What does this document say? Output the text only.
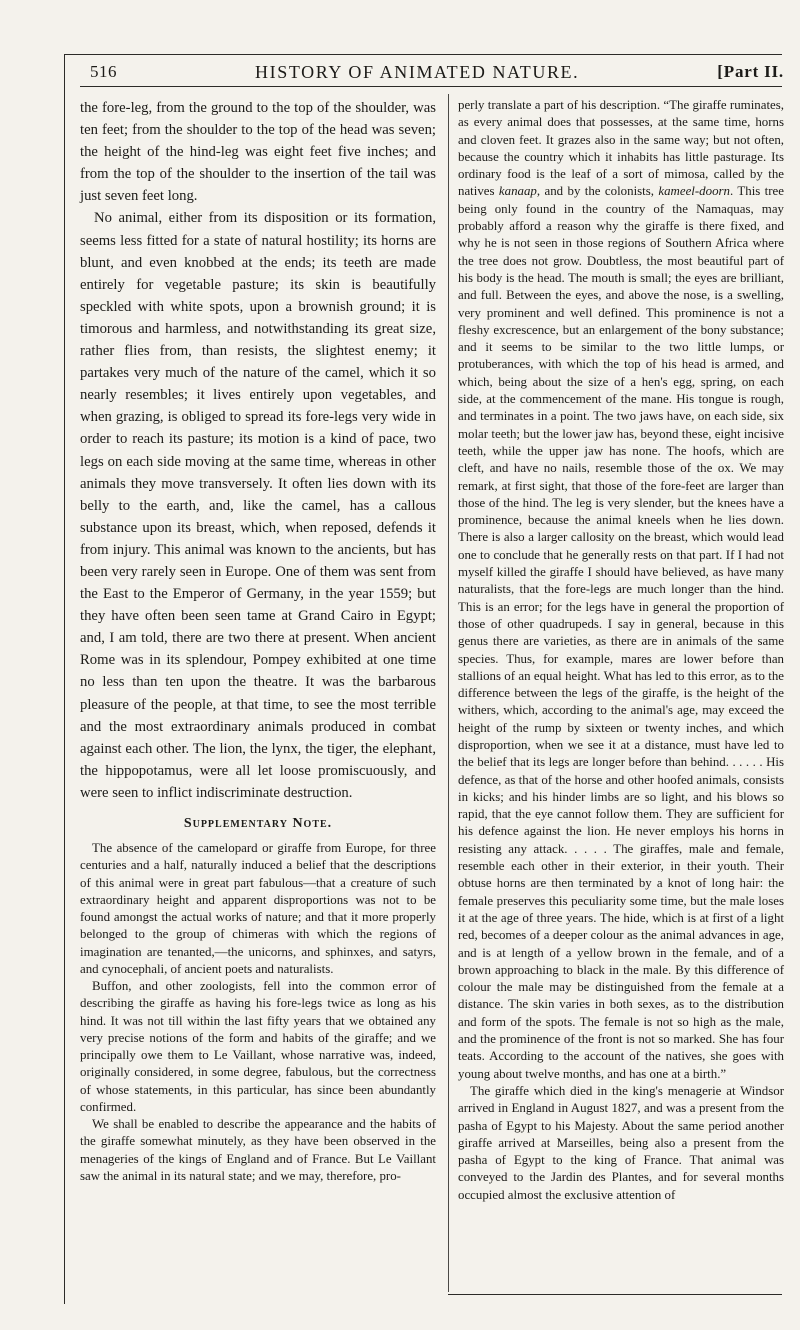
516	HISTORY OF ANIMATED NATURE.	[Part II.

the fore-leg, from the ground to the top of the shoulder, was ten feet; from the shoulder to the top of the head was seven; the height of the hind-leg was eight feet five inches; and from the top of the shoulder to the insertion of the tail was just seven feet long.

No animal, either from its disposition or its formation, seems less fitted for a state of natural hostility; its horns are blunt, and even knobbed at the ends; its teeth are made entirely for vegetable pasture; its skin is beautifully speckled with white spots, upon a brownish ground; it is timorous and harmless, and notwithstanding its great size, rather flies from, than resists, the slightest enemy; it partakes very much of the nature of the camel, which it so nearly resembles; it lives entirely upon vegetables, and when grazing, is obliged to spread its fore-legs very wide in order to reach its pasture; its motion is a kind of pace, two legs on each side moving at the same time, whereas in other animals they move transversely. It often lies down with its belly to the earth, and, like the camel, has a callous substance upon its breast, which, when reposed, defends it from injury. This animal was known to the ancients, but has been very rarely seen in Europe. One of them was sent from the East to the Emperor of Germany, in the year 1559; but they have often been seen tame at Grand Cairo in Egypt; and, I am told, there are two there at present. When ancient Rome was in its splendour, Pompey exhibited at one time no less than ten upon the theatre. It was the barbarous pleasure of the people, at that time, to see the most terrible and the most extraordinary animals produced in combat against each other. The lion, the lynx, the tiger, the elephant, the hippopotamus, were all let loose promiscuously, and were seen to inflict indiscriminate destruction.

Supplementary Note.

The absence of the camelopard or giraffe from Europe, for three centuries and a half, naturally induced a belief that the descriptions of this animal were in great part fabulous—that a creature of such extraordinary height and apparent disproportions was not to be found amongst the actual works of nature; and that it more properly belonged to the group of chimeras with which the regions of imagination are tenanted,—the unicorns, and sphinxes, and satyrs, and cynocephali, of ancient poets and naturalists.

Buffon, and other zoologists, fell into the common error of describing the giraffe as having his fore-legs twice as long as his hind. It was not till within the last fifty years that we obtained any very precise notions of the form and habits of the giraffe; and we principally owe them to Le Vaillant, whose narrative was, indeed, originally considered, in some degree, fabulous, but the correctness of whose statements, in this particular, has since been abundantly confirmed.

We shall be enabled to describe the appearance and the habits of the giraffe somewhat minutely, as they have been observed in the menageries of the kings of England and of France. But Le Vaillant saw the animal in its natural state; and we may, therefore, pro-

perly translate a part of his description. “The giraffe ruminates, as every animal does that possesses, at the same time, horns and cloven feet. It grazes also in the same way; but not often, because the country which it inhabits has little pasturage. Its ordinary food is the leaf of a sort of mimosa, called by the natives kanaap, and by the colonists, kameel-doorn. This tree being only found in the country of the Namaquas, may probably afford a reason why the giraffe is there fixed, and why he is not seen in those regions of Southern Africa where the tree does not grow. Doubtless, the most beautiful part of his body is the head. The mouth is small; the eyes are brilliant, and full. Between the eyes, and above the nose, is a swelling, very prominent and well defined. This prominence is not a fleshy excrescence, but an enlargement of the bony substance; and it seems to be similar to the two little lumps, or protuberances, with which the top of his head is armed, and which, being about the size of a hen's egg, spring, on each side, at the commencement of the mane. His tongue is rough, and terminates in a point. The two jaws have, on each side, six molar teeth; but the lower jaw has, beyond these, eight incisive teeth, while the upper jaw has none. The hoofs, which are cleft, and have no nails, resemble those of the ox. We may remark, at first sight, that those of the fore-feet are larger than those of the hind. The leg is very slender, but the knees have a prominence, because the animal kneels when he lies down. There is also a larger callosity on the breast, which would lead one to conclude that he generally rests on that part. If I had not myself killed the giraffe I should have believed, as have many naturalists, that the fore-legs are much longer than the hind. This is an error; for the legs have in general the proportion of those of other quadrupeds. I say in general, because in this genus there are varieties, as there are in animals of the same species. Thus, for example, mares are lower before than stallions of an equal height. What has led to this error, as to the difference between the legs of the giraffe, is the height of the withers, which, according to the animal's age, may exceed the height of the rump by sixteen or twenty inches, and which disproportion, when we see it at a distance, must have led to the belief that its legs are longer before than behind. . . . . . His defence, as that of the horse and other hoofed animals, consists in kicks; and his hinder limbs are so light, and his blows so rapid, that the eye cannot follow them. They are sufficient for his defence against the lion. He never employs his horns in resisting any attack. . . . . The giraffes, male and female, resemble each other in their exterior, in their youth. Their obtuse horns are then terminated by a knot of long hair: the female preserves this peculiarity some time, but the male loses it at the age of three years. The hide, which is at first of a light red, becomes of a deeper colour as the animal advances in age, and is at length of a yellow brown in the female, and of a brown approaching to black in the male. By this difference of colour the male may be distinguished from the female at a distance. The skin varies in both sexes, as to the distribution and form of the spots. The female is not so high as the male, and the prominence of the front is not so marked. She has four teats. According to the account of the natives, she goes with young about twelve months, and has one at a birth.”

The giraffe which died in the king's menagerie at Windsor arrived in England in August 1827, and was a present from the pasha of Egypt to his Majesty. About the same period another giraffe arrived at Marseilles, being also a present from the pasha of Egypt to the king of France. That animal was conveyed to the Jardin des Plantes, and for several months occupied almost the exclusive attention of
